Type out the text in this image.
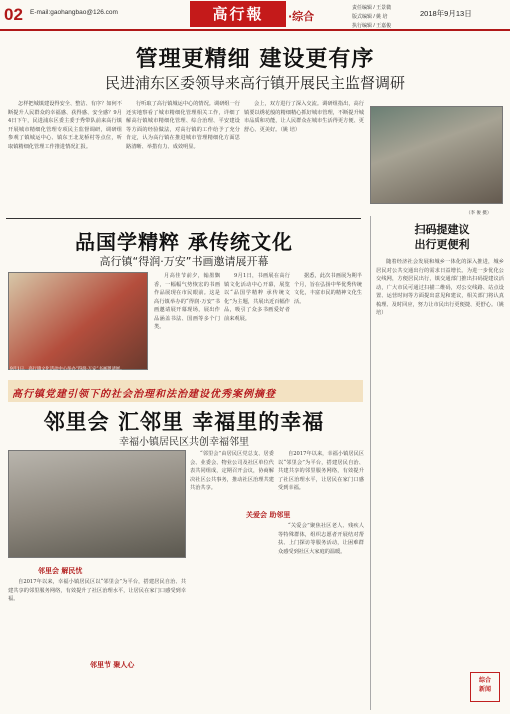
02 E-mail:gaohangbao@126.com	高行報	·综合
责任编辑 / 王景微
版式编辑 / 姚 培
执行编辑 / 王嘉俊
2018年9月13日
管理更精细 建设更有序
民进浦东区委领导来高行镇开展民主监督调研
怎样把城镇建设得安全、整洁、有序？如何不断提升人民群众的幸福感、获得感、安全感？9月4日下午，民进浦东区委主委于秀带队前来高行镇开展城市精细化管理专项民主监督调研，调研组参观了镇城运中心、镇东王北龙桥村等点位，听取镇精细化管理工作推进情况汇报。
行听取了高行镇城运中心的情况。调研组一行还实地察看了城市精细化管理相关工作，详细了解高行镇城市精细化管理、综合治理、平安建设等方面的经验做法，对高行镇的工作给予了充分肯定，认为高行镇在推进城市管理精细化方面思路清晰、举措有力、成效明显。
会上，双方进行了深入交流。调研组指出，高行镇要以绣花般的精细精心抓好城市管理，不断提升城市品质和功能，让人民群众在城市生活得更方便、更舒心、更美好。（姚 培）
（李 俊 摄）
品国学精粹 承传统文化
高行镇“得润·万安”书画邀请展开幕
9月1日，高行镇文化活动中心举办“得润·万安”书画邀请展。
月高佳节前夕，翰墨飘香，一幅幅气势恢宏的书画作品展现在市民眼前。这是高行镇举办的“得润·万安”书画邀请展开幕现场，展出作品涵盖书法、国画等多个门类。
9月1日，书画展在高行镇文化活动中心开幕，展览以“品国学精粹 承传统文化”为主题，共展出近百幅作品，吸引了众多书画爱好者前来观展。
据悉，此次书画展为期半个月，旨在弘扬中华优秀传统文化，丰富市民的精神文化生活。
高行镇党建引领下的社会治理和法治建设优秀案例摘登
邻里会 汇邻里 幸福里的幸福
幸福小镇居民区共创幸福邻里
“邻里会”由居民区党总支、居委会、业委会、物业公司及社区单位代表共同组成，定期召开会议，协商解决社区公共事务，推动社区治理共建共治共享。
自2017年以来，幸福小镇居民区以“邻里会”为平台，搭建居民自治、共建共享的邻里服务网络，有效提升了社区治理水平，让居民在家门口感受到幸福。
关爱会 助邻里
“关爱会”聚焦社区老人、残疾人等特殊群体，组织志愿者开展结对帮扶、上门探访等服务活动，让困难群众感受到社区大家庭的温暖。
邻里会 解民忧
自2017年以来，幸福小镇居民区以“邻里会”为平台，搭建居民自治、共建共享的邻里服务网络，有效提升了社区治理水平，让居民在家门口感受到幸福。
邻里节 聚人心
扫码提建议
出行更便利
随着经济社会发展和城乡一体化的深入推进，城乡居民对公共交通出行的需求日益增长。为进一步优化公交线网，方便居民出行，镇交通部门推出扫码提建议活动，广大市民可通过扫描二维码，对公交线路、站点设置、运营时间等方面提出意见和建议，相关部门将认真梳理、及时回应，努力让市民出行更便捷、更舒心。（姚 培）
综合
新闻
